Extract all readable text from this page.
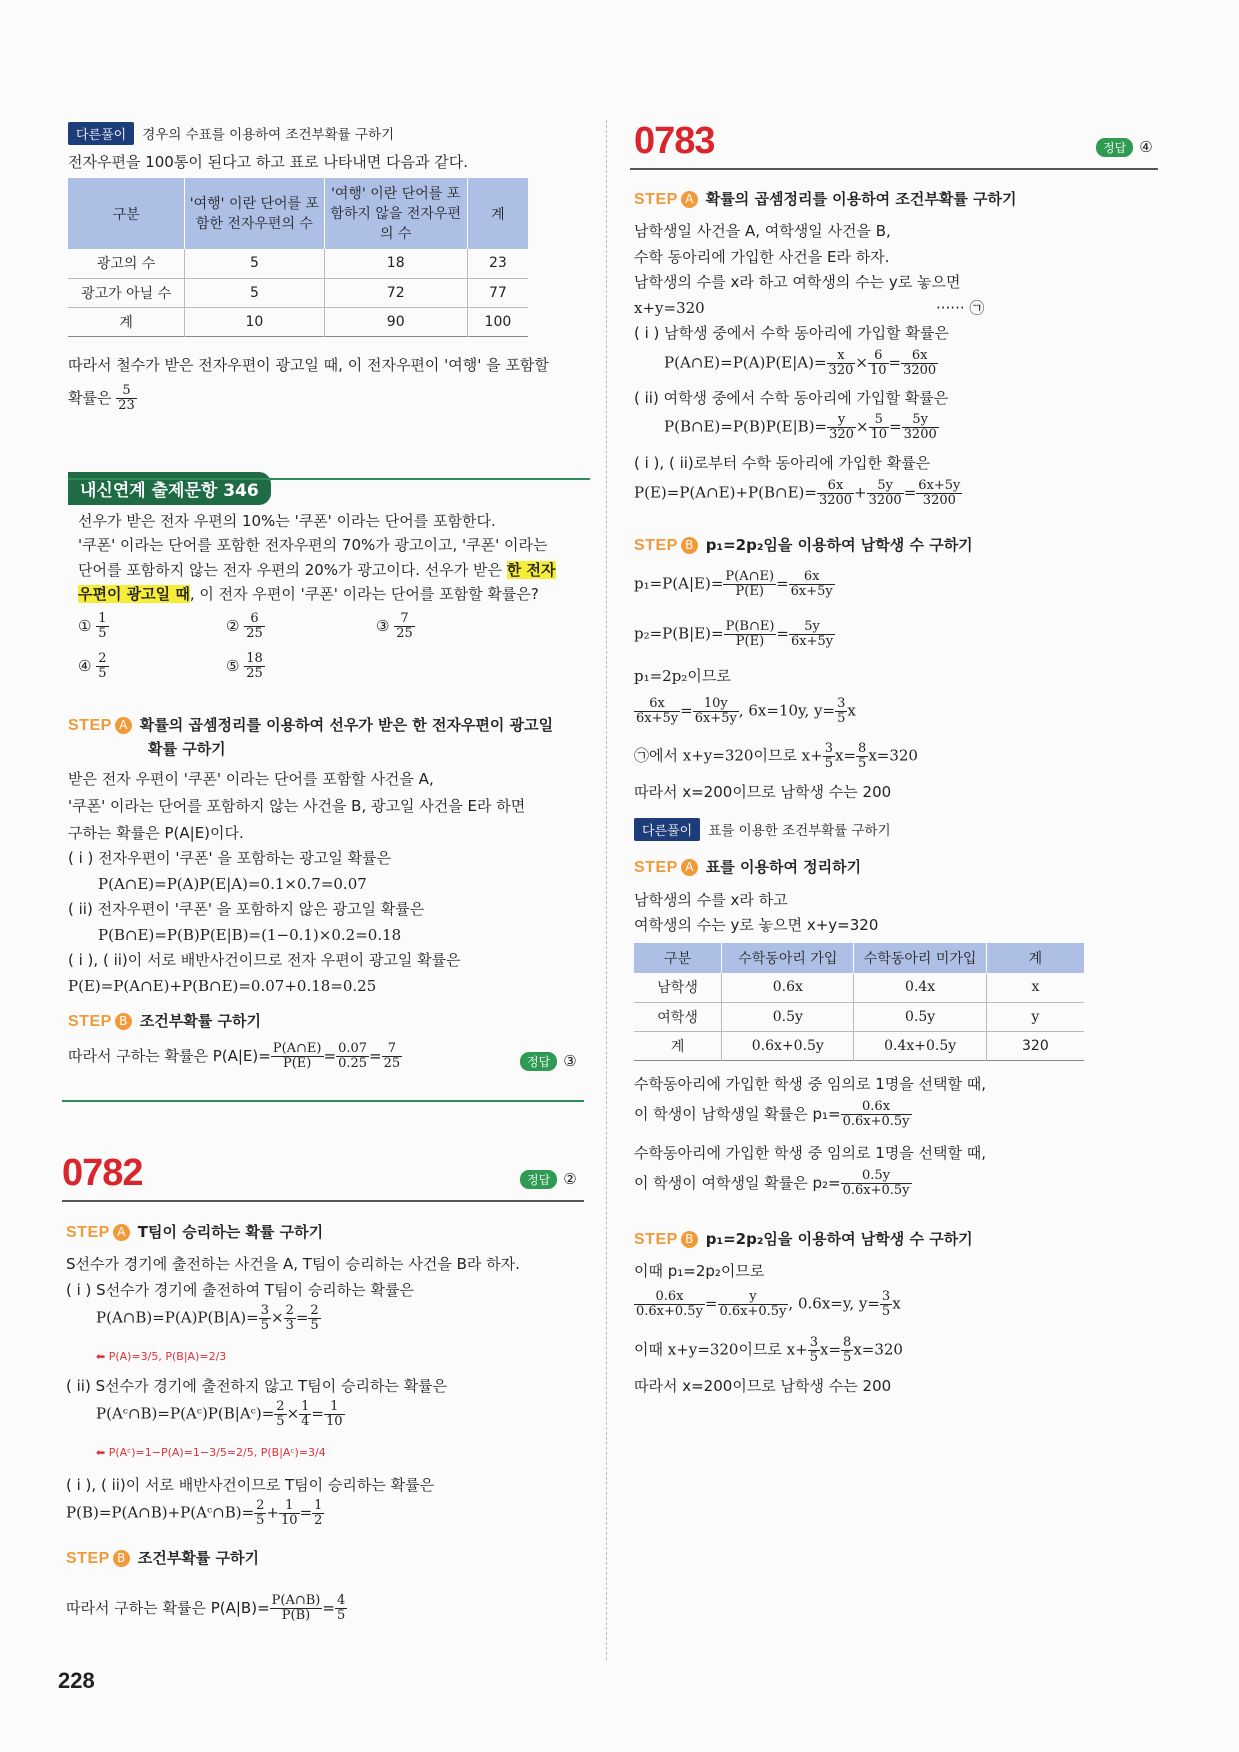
다른풀이 경우의 수표를 이용하여 조건부확률 구하기
전자우편을 100통이 된다고 하고 표로 나타내면 다음과 같다.
구분	'여행' 이란 단어를 포함한 전자우편의 수	'여행' 이란 단어를 포함하지 않을 전자우편의 수	계
광고의 수	5	18	23
광고가 아닐 수	5	72	77
계	10	90	100
따라서 철수가 받은 전자우편이 광고일 때, 이 전자우편이 '여행' 을 포함할
확률은 $\frac{5}{23}$
내신연계 출제문항 346
선우가 받은 전자 우편의 10%는 '쿠폰' 이라는 단어를 포함한다.
'쿠폰' 이라는 단어를 포함한 전자우편의 70%가 광고이고, '쿠폰' 이라는
단어를 포함하지 않는 전자 우편의 20%가 광고이다. 선우가 받은 한 전자
우편이 광고일 때, 이 전자 우편이 '쿠폰' 이라는 단어를 포함할 확률은?
① $\frac{1}{5}$	② $\frac{6}{25}$	③ $\frac{7}{25}$
④ $\frac{2}{5}$	⑤ $\frac{18}{25}$
STEP A 확률의 곱셈정리를 이용하여 선우가 받은 한 전자우편이 광고일
확률 구하기
받은 전자 우편이 '쿠폰' 이라는 단어를 포함할 사건을 A,
'쿠폰' 이라는 단어를 포함하지 않는 사건을 B, 광고일 사건을 E라 하면
구하는 확률은 P(A|E)이다.
( i ) 전자우편이 '쿠폰' 을 포함하는 광고일 확률은
P(A∩E)=P(A)P(E|A)=0.1×0.7=0.07
( ii) 전자우편이 '쿠폰' 을 포함하지 않은 광고일 확률은
P(B∩E)=P(B)P(E|B)=(1−0.1)×0.2=0.18
( i ), ( ii)이 서로 배반사건이므로 전자 우편이 광고일 확률은
P(E)=P(A∩E)+P(B∩E)=0.07+0.18=0.25
STEP B 조건부확률 구하기
따라서 구하는 확률은 $P(A|E)= \frac{P(A\cap E)}{P(E)} = \frac{0.07}{0.25} = \frac{7}{25}$	정답 ③
0782	정답 ②
STEP A T팀이 승리하는 확률 구하기
S선수가 경기에 출전하는 사건을 A, T팀이 승리하는 사건을 B라 하자.
( i ) S선수가 경기에 출전하여 T팀이 승리하는 확률은
P(A∩B)=P(A)P(B|A)= $\frac{3}{5} \times \frac{2}{3} = \frac{2}{5}$
⬅ P(A)=3/5, P(B|A)=2/3
( ii) S선수가 경기에 출전하지 않고 T팀이 승리하는 확률은
P(Aᶜ∩B)=P(Aᶜ)P(B|Aᶜ)= $\frac{2}{5} \times \frac{1}{4} = \frac{1}{10}$
⬅ P(Aᶜ)=1−P(A)=1−3/5=2/5, P(B|Aᶜ)=3/4
( i ), ( ii)이 서로 배반사건이므로 T팀이 승리하는 확률은
P(B)=P(A∩B)+P(Aᶜ∩B)= $\frac{2}{5} + \frac{1}{10} = \frac{1}{2}$
STEP B 조건부확률 구하기
따라서 구하는 확률은 $P(A|B)= \frac{P(A\cap B)}{P(B)} = \frac{4}{5}$
0783	정답 ④
STEP A 확률의 곱셈정리를 이용하여 조건부확률 구하기
남학생일 사건을 A, 여학생일 사건을 B,
수학 동아리에 가입한 사건을 E라 하자.
남학생의 수를 x라 하고 여학생의 수는 y로 놓으면
x+y=320	······ ㉠
( i ) 남학생 중에서 수학 동아리에 가입할 확률은
P(A∩E)=P(A)P(E|A)= $\frac{x}{320} \times \frac{6}{10} = \frac{6x}{3200}$
( ii) 여학생 중에서 수학 동아리에 가입할 확률은
P(B∩E)=P(B)P(E|B)= $\frac{y}{320} \times \frac{5}{10} = \frac{5y}{3200}$
( i ), ( ii)로부터 수학 동아리에 가입한 확률은
P(E)=P(A∩E)+P(B∩E)= $\frac{6x}{3200} + \frac{5y}{3200} = \frac{6x+5y}{3200}$
STEP B p₁=2p₂임을 이용하여 남학생 수 구하기
$p_1=P(A|E)= \frac{P(A\cap E)}{P(E)} = \frac{6x}{6x+5y}$
$p_2=P(B|E)= \frac{P(B\cap E)}{P(E)} = \frac{5y}{6x+5y}$
p₁=2p₂이므로
$\frac{6x}{6x+5y} = \frac{10y}{6x+5y}$ , 6x=10y, $y= \frac{3}{5}$ x
㉠에서 x+y=320이므로 $x+ \frac{3}{5} x= \frac{8}{5} x=320$
따라서 x=200이므로 남학생 수는 200
다른풀이 표를 이용한 조건부확률 구하기
STEP A 표를 이용하여 정리하기
남학생의 수를 x라 하고
여학생의 수는 y로 놓으면 x+y=320
구분	수학동아리 가입	수학동아리 미가입	계
남학생	0.6x	0.4x	x
여학생	0.5y	0.5y	y
계	0.6x+0.5y	0.4x+0.5y	320
수학동아리에 가입한 학생 중 임의로 1명을 선택할 때,
이 학생이 남학생일 확률은 $p_1= \frac{0.6x}{0.6x+0.5y}$
수학동아리에 가입한 학생 중 임의로 1명을 선택할 때,
이 학생이 여학생일 확률은 $p_2= \frac{0.5y}{0.6x+0.5y}$
STEP B p₁=2p₂임을 이용하여 남학생 수 구하기
이때 p₁=2p₂이므로
$\frac{0.6x}{0.6x+0.5y} = \frac{y}{0.6x+0.5y}$ , 0.6x=y, $y= \frac{3}{5}$ x
이때 x+y=320이므로 $x+ \frac{3}{5} x= \frac{8}{5} x=320$
따라서 x=200이므로 남학생 수는 200
228
